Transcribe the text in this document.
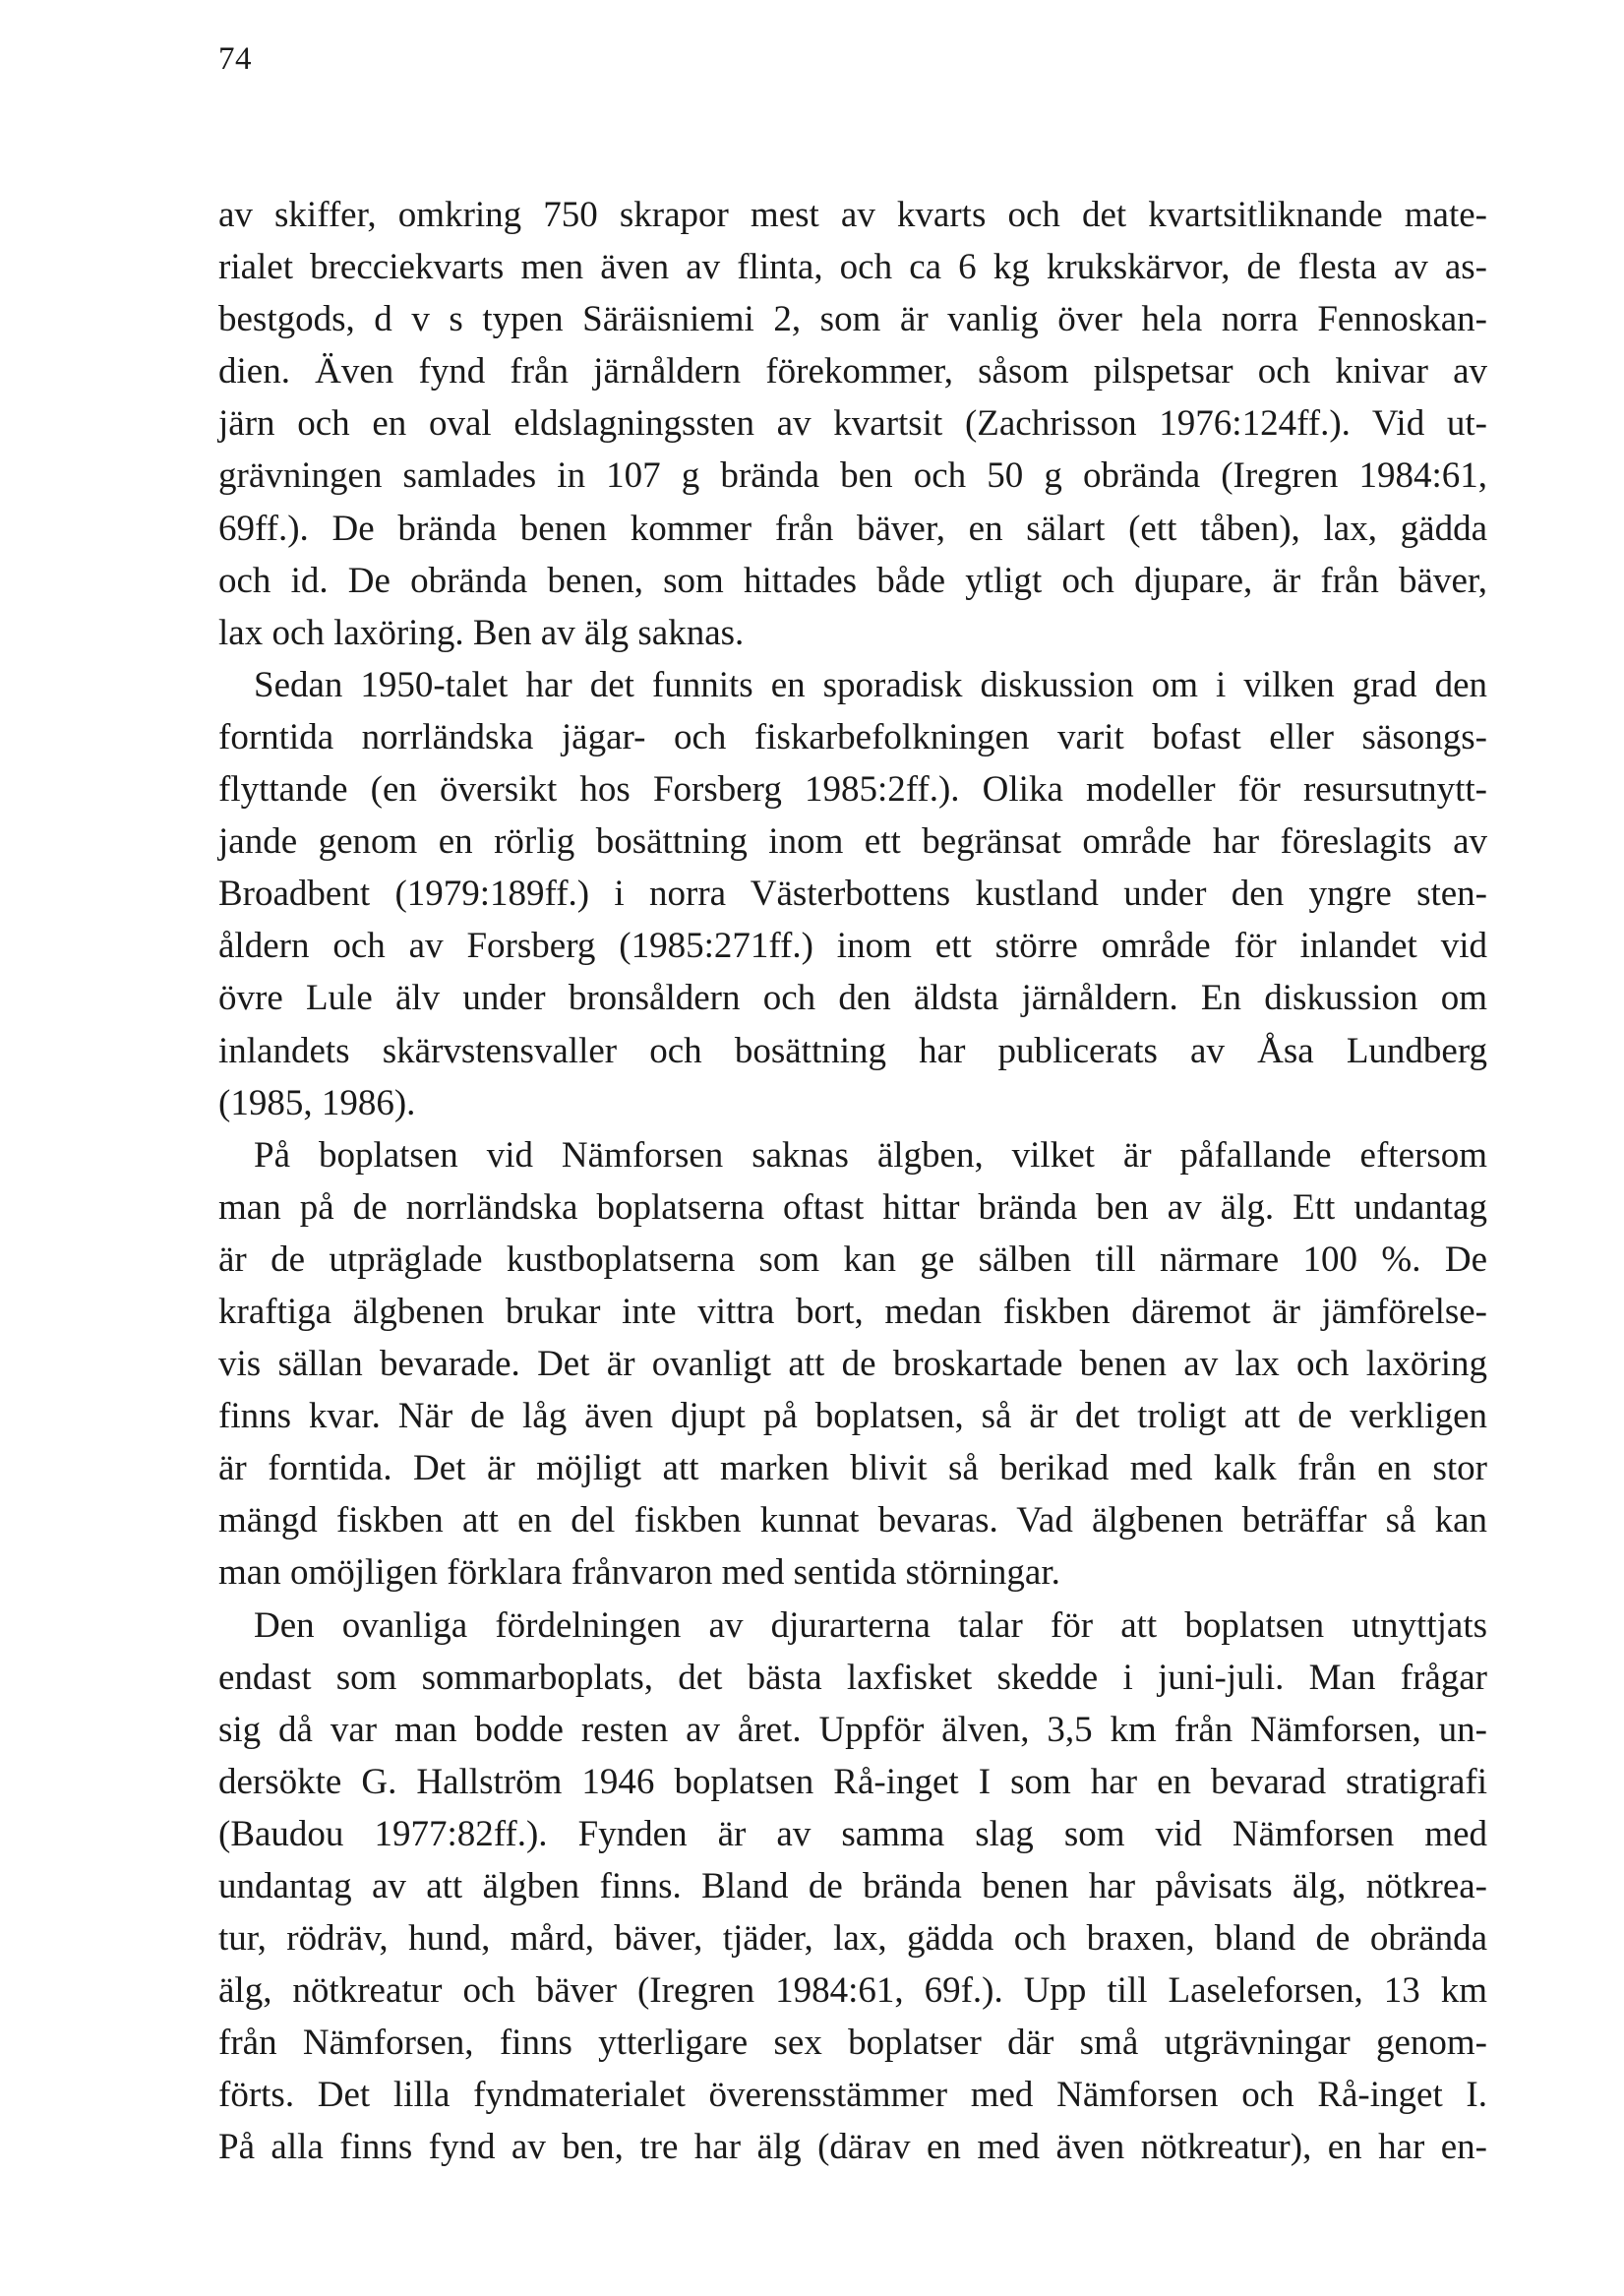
74

av skiffer, omkring 750 skrapor mest av kvarts och det kvartsitliknande mate-
rialet brecciekvarts men även av flinta, och ca 6 kg krukskärvor, de flesta av as-
bestgods, d v s typen Säräisniemi 2, som är vanlig över hela norra Fennoskan-
dien. Även fynd från järnåldern förekommer, såsom pilspetsar och knivar av
järn och en oval eldslagningssten av kvartsit (Zachrisson 1976:124ff.). Vid ut-
grävningen samlades in 107 g brända ben och 50 g obrända (Iregren 1984:61,
69ff.). De brända benen kommer från bäver, en sälart (ett tåben), lax, gädda
och id. De obrända benen, som hittades både ytligt och djupare, är från bäver,
lax och laxöring. Ben av älg saknas.

Sedan 1950-talet har det funnits en sporadisk diskussion om i vilken grad den
forntida norrländska jägar- och fiskarbefolkningen varit bofast eller säsongs-
flyttande (en översikt hos Forsberg 1985:2ff.). Olika modeller för resursutnytt-
jande genom en rörlig bosättning inom ett begränsat område har föreslagits av
Broadbent (1979:189ff.) i norra Västerbottens kustland under den yngre sten-
åldern och av Forsberg (1985:271ff.) inom ett större område för inlandet vid
övre Lule älv under bronsåldern och den äldsta järnåldern. En diskussion om
inlandets skärvstensvaller och bosättning har publicerats av Åsa Lundberg
(1985, 1986).

På boplatsen vid Nämforsen saknas älgben, vilket är påfallande eftersom
man på de norrländska boplatserna oftast hittar brända ben av älg. Ett undantag
är de utpräglade kustboplatserna som kan ge sälben till närmare 100 %. De
kraftiga älgbenen brukar inte vittra bort, medan fiskben däremot är jämförelse-
vis sällan bevarade. Det är ovanligt att de broskartade benen av lax och laxöring
finns kvar. När de låg även djupt på boplatsen, så är det troligt att de verkligen
är forntida. Det är möjligt att marken blivit så berikad med kalk från en stor
mängd fiskben att en del fiskben kunnat bevaras. Vad älgbenen beträffar så kan
man omöjligen förklara frånvaron med sentida störningar.

Den ovanliga fördelningen av djurarterna talar för att boplatsen utnyttjats
endast som sommarboplats, det bästa laxfisket skedde i juni-juli. Man frågar
sig då var man bodde resten av året. Uppför älven, 3,5 km från Nämforsen, un-
dersökte G. Hallström 1946 boplatsen Rå-inget I som har en bevarad stratigrafi
(Baudou 1977:82ff.). Fynden är av samma slag som vid Nämforsen med
undantag av att älgben finns. Bland de brända benen har påvisats älg, nötkrea-
tur, rödräv, hund, mård, bäver, tjäder, lax, gädda och braxen, bland de obrända
älg, nötkreatur och bäver (Iregren 1984:61, 69f.). Upp till Laseleforsen, 13 km
från Nämforsen, finns ytterligare sex boplatser där små utgrävningar genom-
förts. Det lilla fyndmaterialet överensstämmer med Nämforsen och Rå-inget I.
På alla finns fynd av ben, tre har älg (därav en med även nötkreatur), en har en-
